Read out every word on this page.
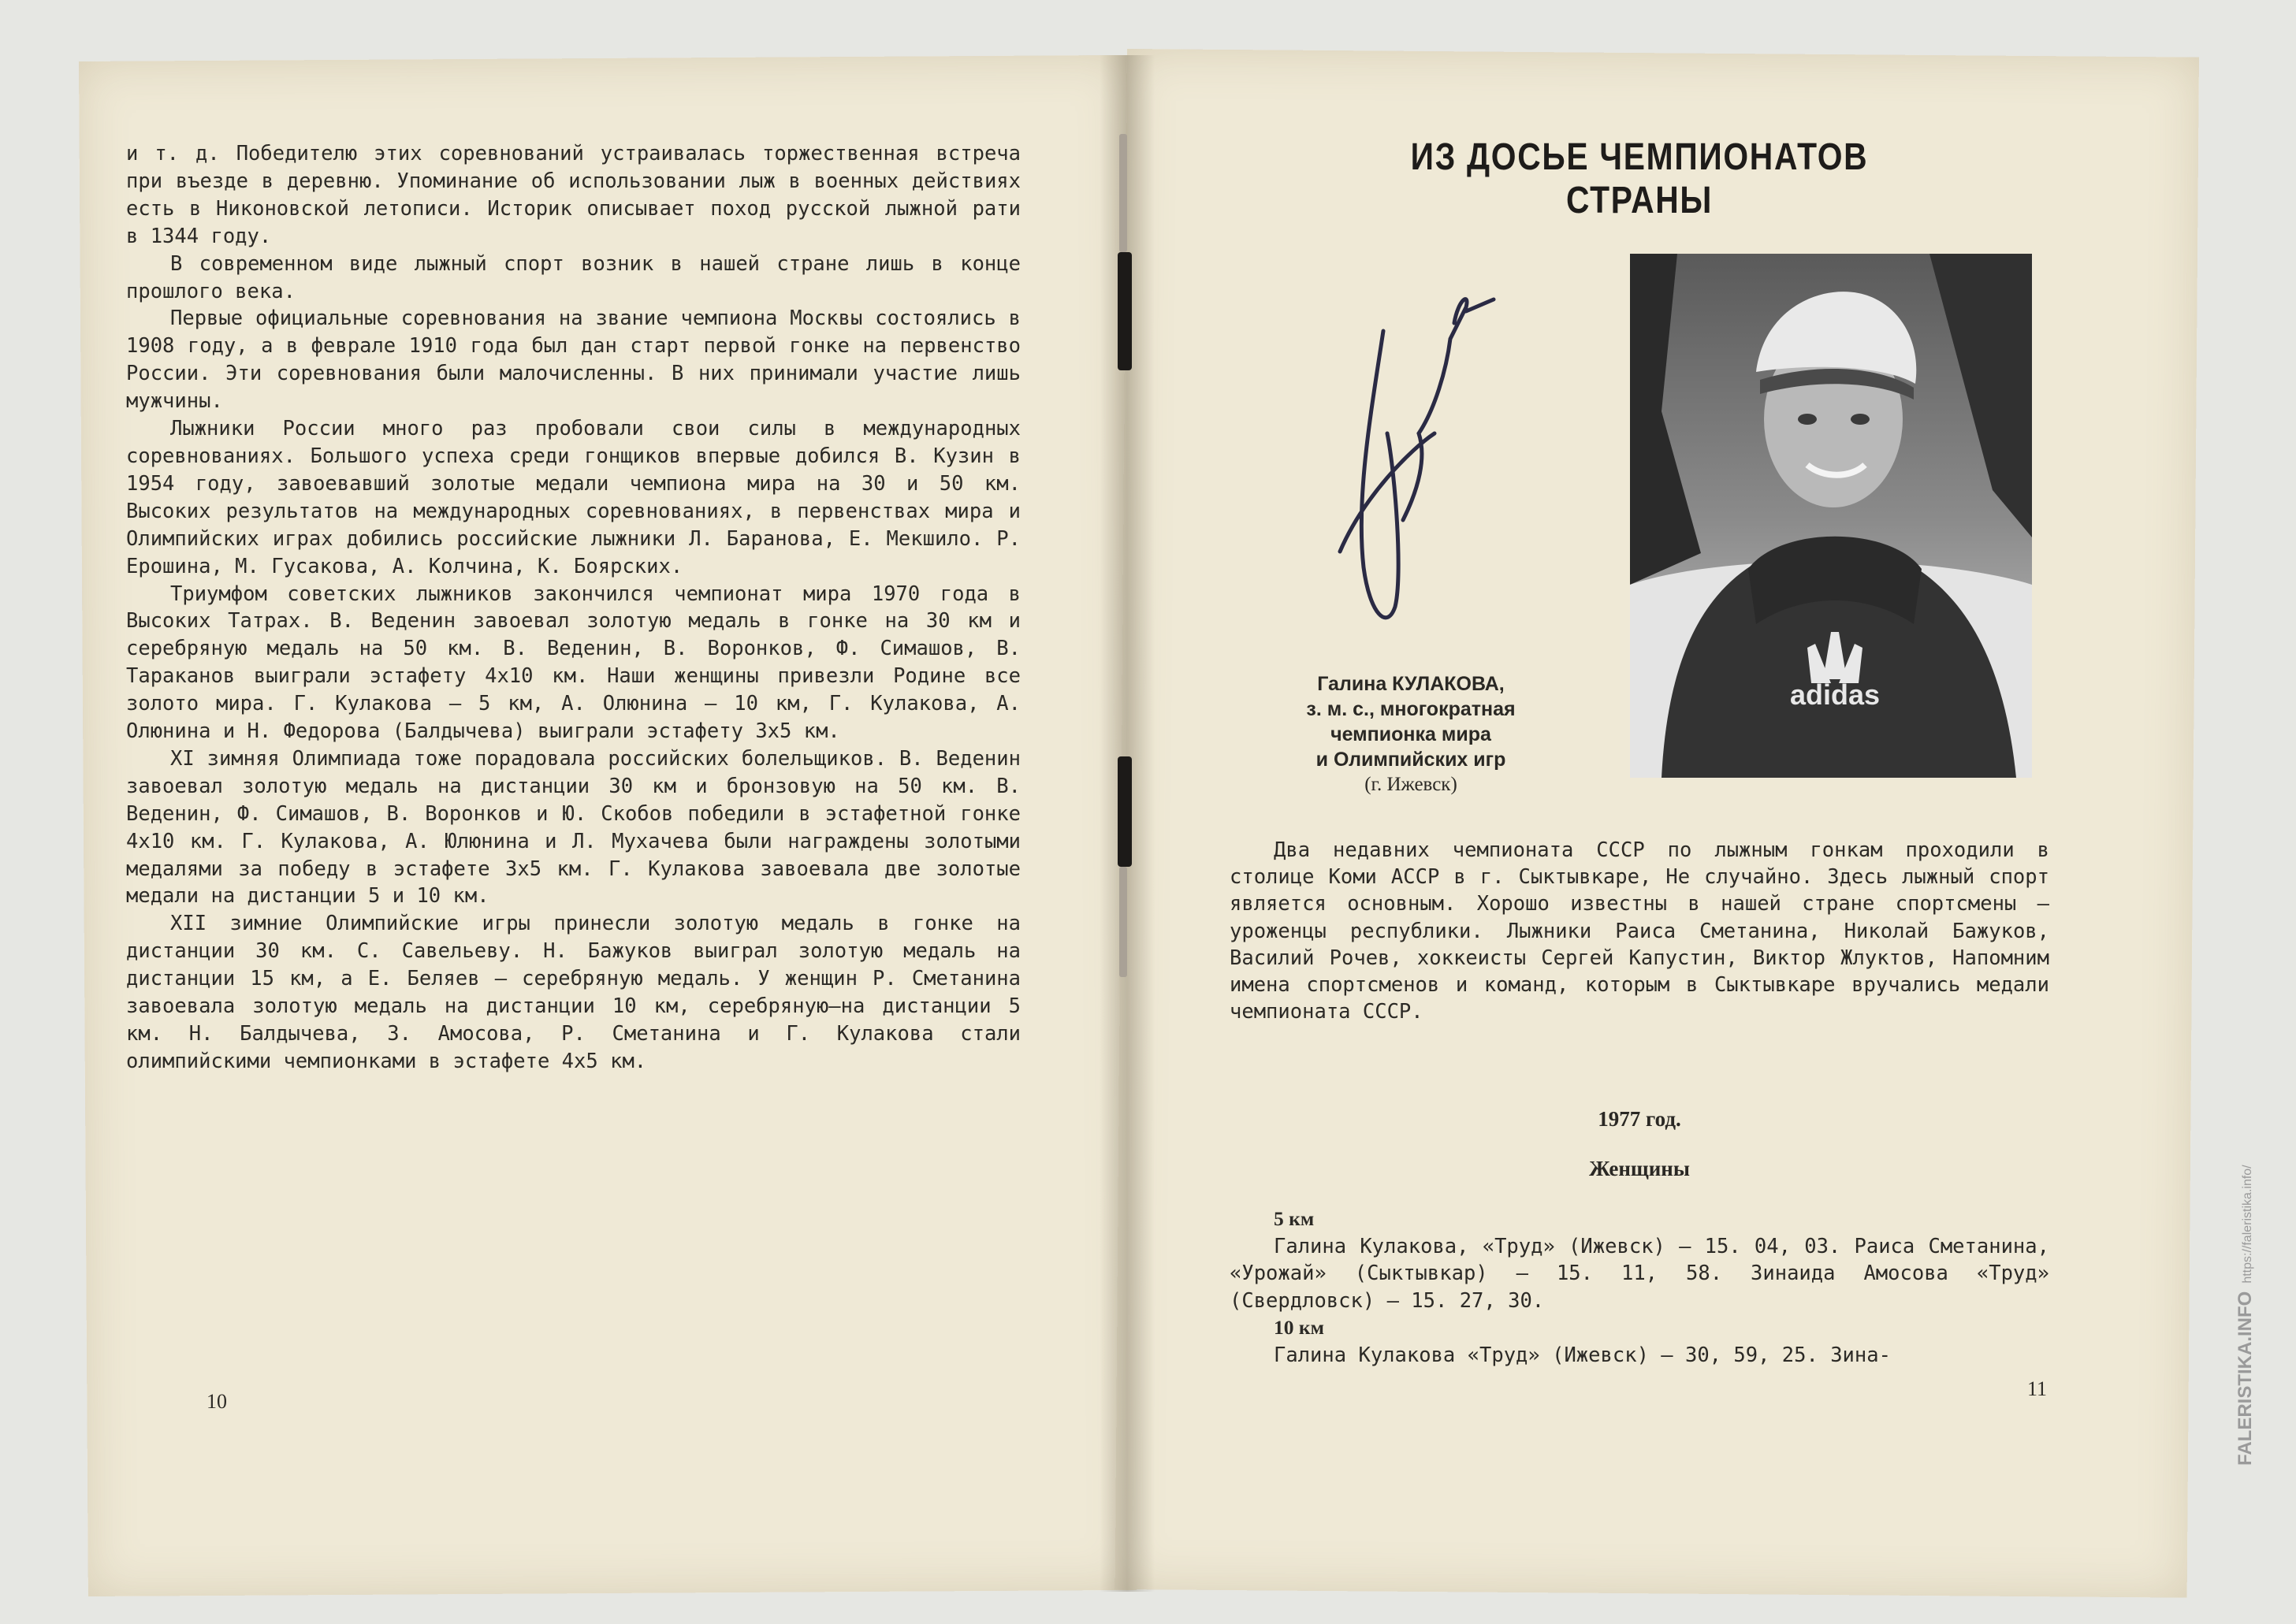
и т. д. Победителю этих соревнований устраивалась торжественная встреча при въезде в деревню. Упоминание об использовании лыж в военных действиях есть в Никоновской летописи. Историк описывает поход русской лыжной рати в 1344 году.

В современном виде лыжный спорт возник в нашей стране лишь в конце прошлого века.

Первые официальные соревнования на звание чемпиона Москвы состоялись в 1908 году, а в феврале 1910 года был дан старт первой гонке на первенство России. Эти соревнования были малочисленны. В них принимали участие лишь мужчины.

Лыжники России много раз пробовали свои силы в международных соревнованиях. Большого успеха среди гонщиков впервые добился В. Кузин в 1954 году, завоевавший золотые медали чемпиона мира на 30 и 50 км. Высоких результатов на международных соревнованиях, в первенствах мира и Олимпийских играх добились российские лыжники Л. Баранова, Е. Мекшило. Р. Ерошина, М. Гусакова, А. Колчина, К. Боярских.

Триумфом советских лыжников закончился чемпионат мира 1970 года в Высоких Татрах. В. Веденин завоевал золотую медаль в гонке на 30 км и серебряную медаль на 50 км. В. Веденин, В. Воронков, Ф. Симашов, В. Тараканов выиграли эстафету 4х10 км. Наши женщины привезли Родине все золото мира. Г. Кулакова — 5 км, А. Олюнина — 10 км, Г. Кулакова, А. Олюнина и Н. Федорова (Балдычева) выиграли эстафету 3х5 км.

XI зимняя Олимпиада тоже порадовала российских болельщиков. В. Веденин завоевал золотую медаль на дистанции 30 км и бронзовую на 50 км. В. Веденин, Ф. Симашов, В. Воронков и Ю. Скобов победили в эстафетной гонке 4х10 км. Г. Кулакова, А. Юлюнина и Л. Мухачева были награждены золотыми медалями за победу в эстафете 3х5 км. Г. Кулакова завоевала две золотые медали на дистанции 5 и 10 км.

XII зимние Олимпийские игры принесли золотую медаль в гонке на дистанции 30 км. С. Савельеву. Н. Бажуков выиграл золотую медаль на дистанции 15 км, а Е. Беляев — серебряную медаль. У женщин Р. Сметанина завоевала золотую медаль на дистанции 10 км, серебряную—на дистанции 5 км. Н. Балдычева, З. Амосова, Р. Сметанина и Г. Кулакова стали олимпийскими чемпионками в эстафете 4х5 км.

10
ИЗ ДОСЬЕ ЧЕМПИОНАТОВ СТРАНЫ
adidas
Галина КУЛАКОВА,
з. м. с., многократная
чемпионка мира
и Олимпийских игр
(г. Ижевск)

Два недавних чемпионата СССР по лыжным гонкам проходили в столице Коми АССР в г. Сыктывкаре, Не случайно. Здесь лыжный спорт является основным. Хорошо известны в нашей стране спортсмены — уроженцы республики. Лыжники Раиса Сметанина, Николай Бажуков, Василий Рочев, хоккеисты Сергей Капустин, Виктор Жлуктов, Напомним имена спортсменов и команд, которым в Сыктывкаре вручались медали чемпионата СССР.

1977 год.
Женщины
5 км

Галина Кулакова, «Труд» (Ижевск) — 15. 04, 03. Раиса Сметанина, «Урожай» (Сыктывкар) — 15. 11, 58. Зинаида Амосова «Труд» (Свердловск) — 15. 27, 30.

10 км

Галина Кулакова «Труд» (Ижевск) — 30, 59, 25. Зина-

11	FALERISTIKA.INFOhttps://faleristika.info/
